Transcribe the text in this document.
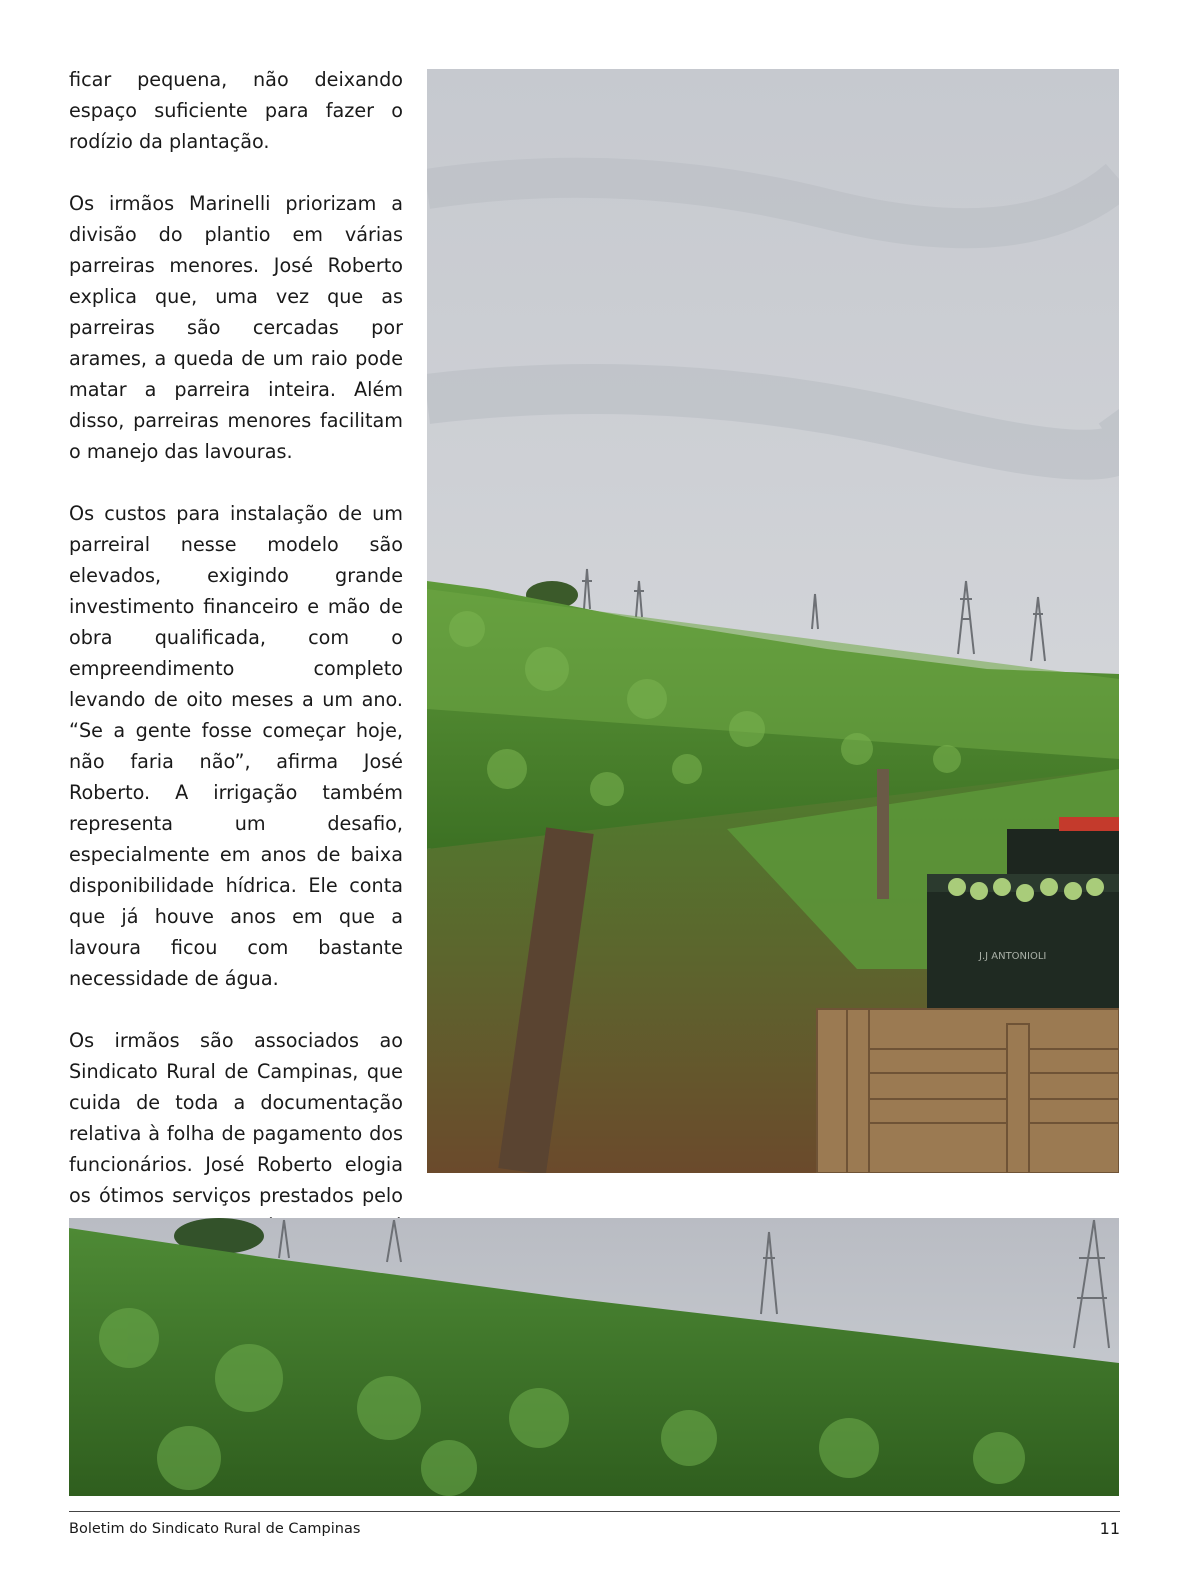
ficar pequena, não deixando espaço suficiente para fazer o rodízio da plantação.

Os irmãos Marinelli priorizam a divisão do plantio em várias parreiras menores. José Roberto explica que, uma vez que as parreiras são cercadas por arames, a queda de um raio pode matar a parreira inteira. Além disso, parreiras menores facilitam o manejo das lavouras.

Os custos para instalação de um parreiral nesse modelo são elevados, exigindo grande investimento financeiro e mão de obra qualificada, com o empreendimento completo levando de oito meses a um ano. “Se a gente fosse começar hoje, não faria não”, afirma José Roberto. A irrigação também representa um desafio, especialmente em anos de baixa disponibilidade hídrica. Ele conta que já houve anos em que a lavoura ficou com bastante necessidade de água.

Os irmãos são associados ao Sindicato Rural de Campinas, que cuida de toda a documentação relativa à folha de pagamento dos funcionários. José Roberto elogia os ótimos serviços prestados pelo

J.J ANTONIOLI
Boletim do Sindicato Rural de Campinas	11
